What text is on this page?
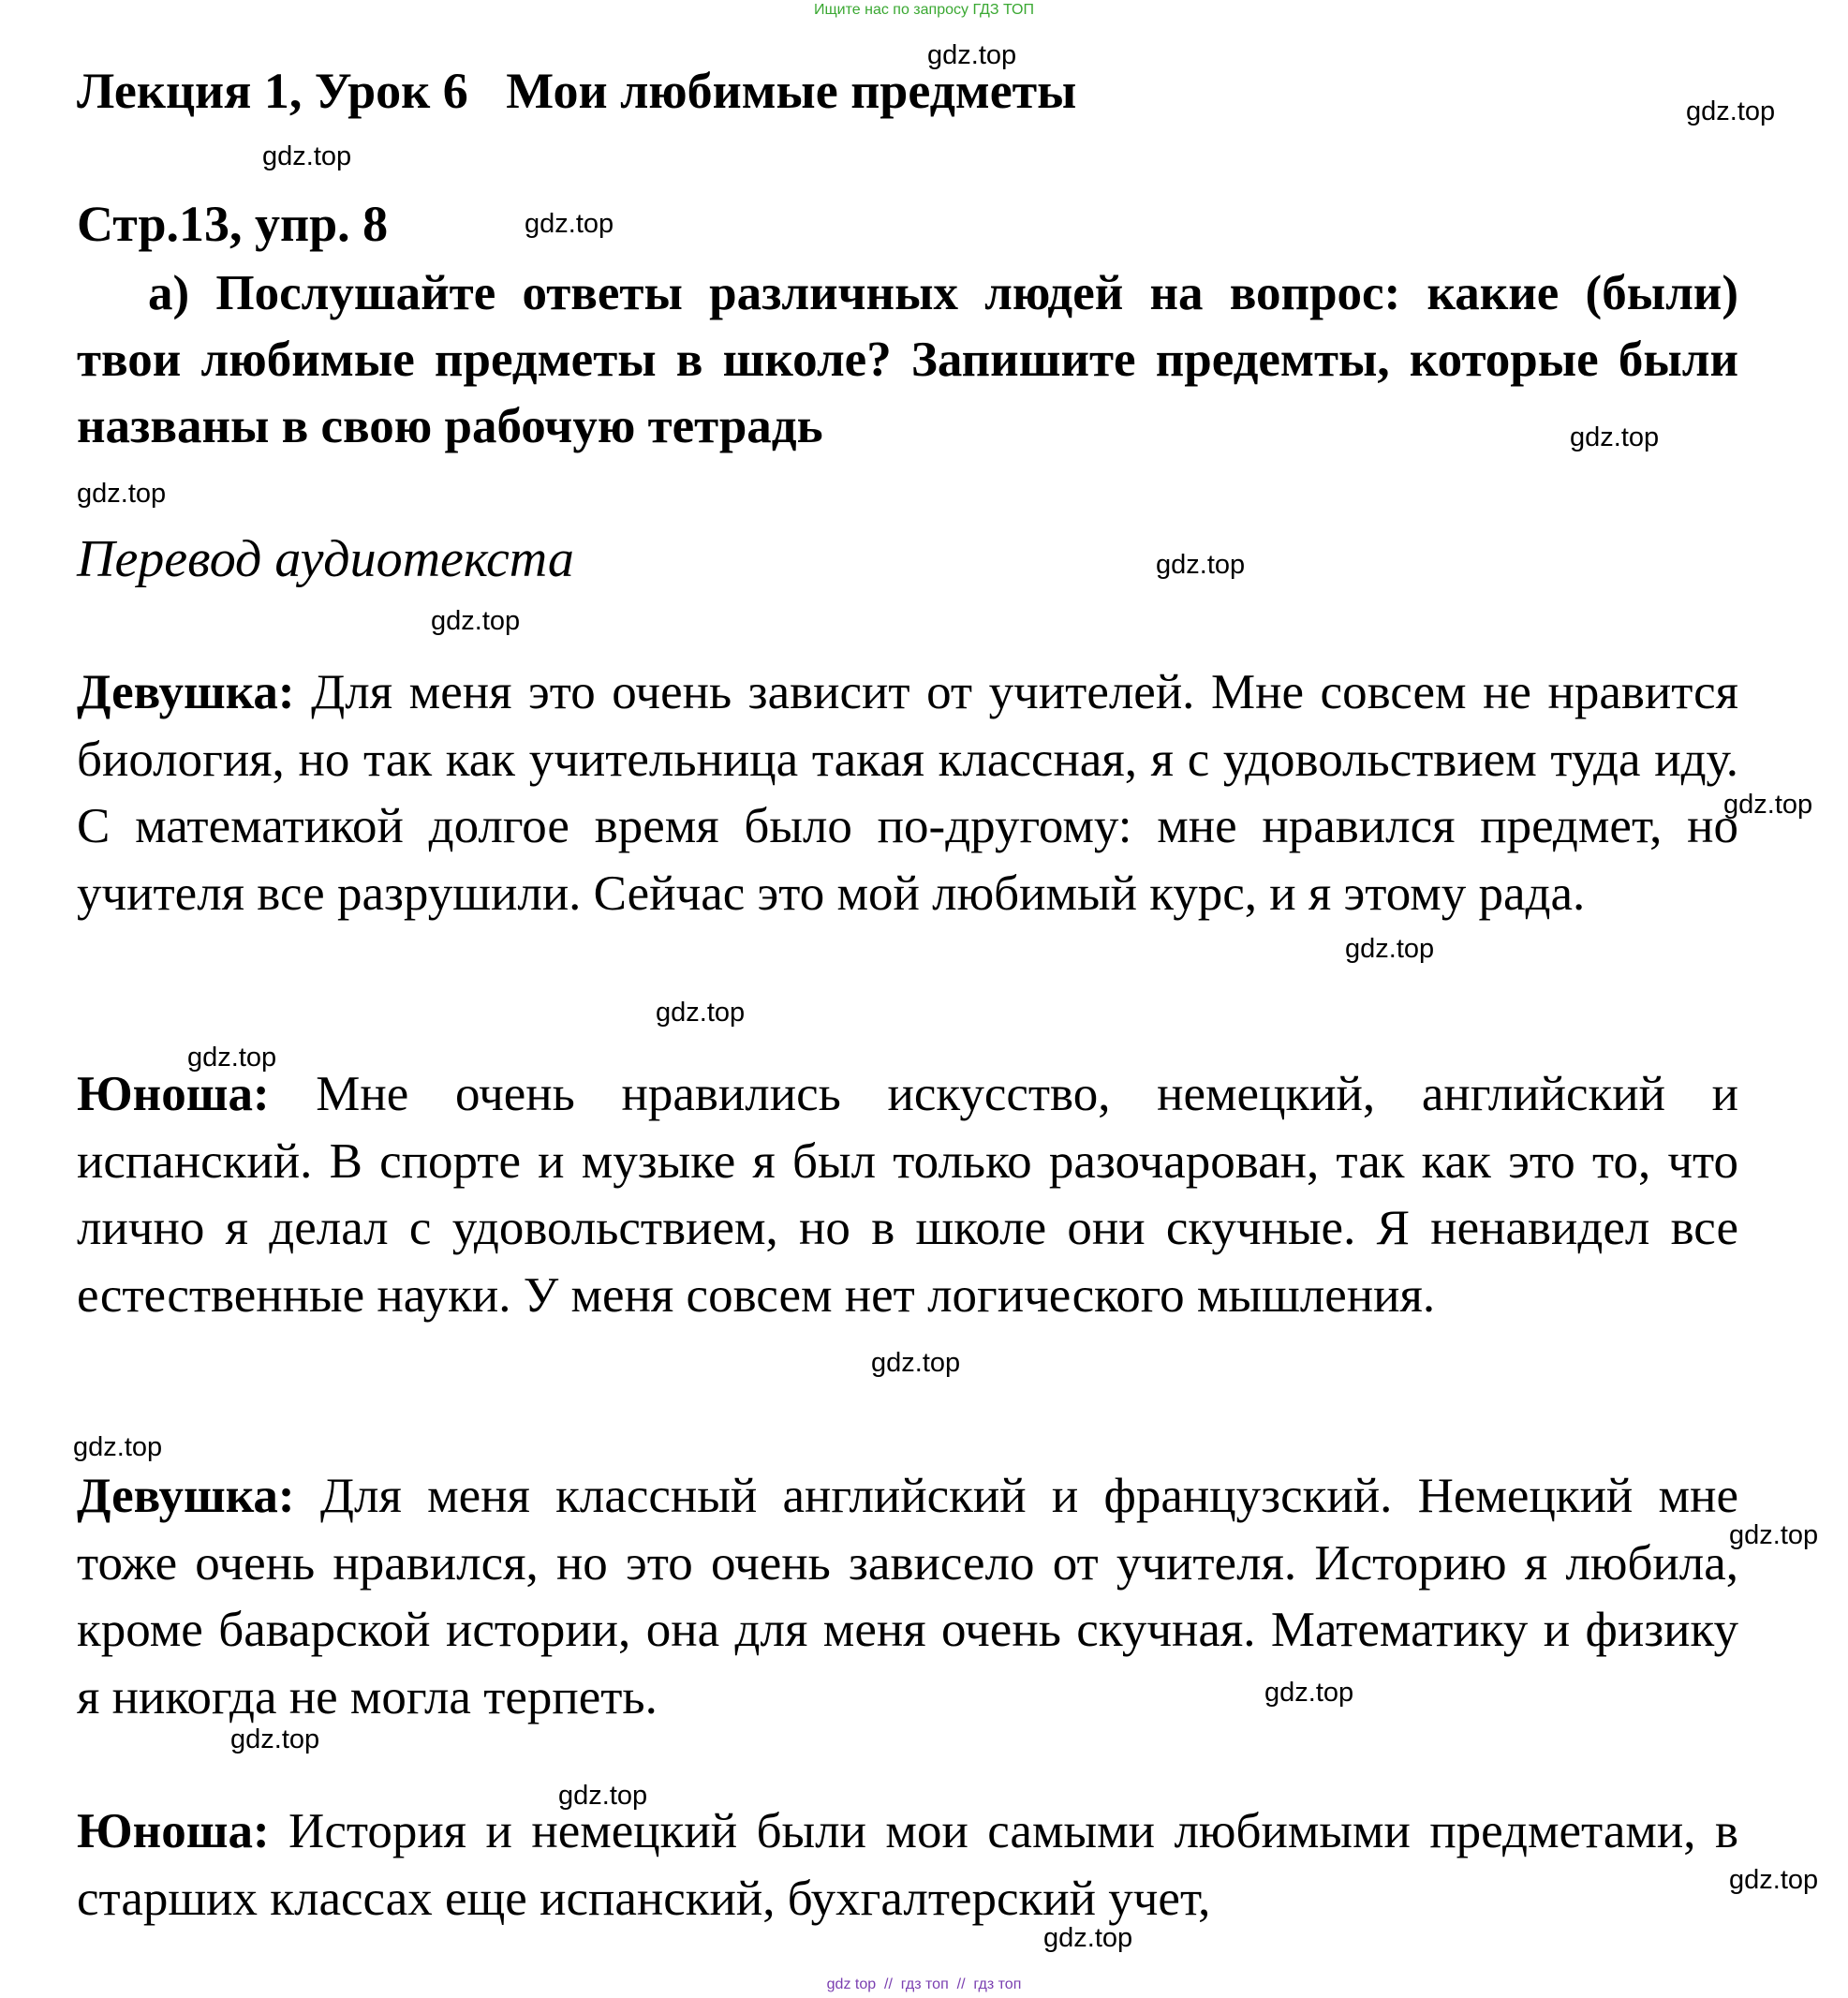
Ищите нас по запросу ГДЗ ТОП
Лекция 1, Урок 6   Мои любимые предметы
Стр.13, упр. 8
а) Послушайте ответы различных людей на вопрос: какие (были) твои любимые предметы в школе? Запишите предемты, которые были названы в свою рабочую тетрадь
Перевод аудиотекста
Девушка: Для меня это очень зависит от учителей. Мне совсем не нравится биология, но так как учительница такая классная, я с удовольствием туда иду. С математикой долгое время было по-другому: мне нравился предмет, но учителя все разрушили. Сейчас это мой любимый курс, и я этому рада.
Юноша: Мне очень нравились искусство, немецкий, английский и испанский. В спорте и музыке я был только разочарован, так как это то, что лично я делал с удовольствием, но в школе они скучные. Я ненавидел все естественные науки. У меня совсем нет логического мышления.
Девушка: Для меня классный английский и французский. Немецкий мне тоже очень нравился, но это очень зависело от учителя. Историю я любила, кроме баварской истории, она для меня очень скучная. Математику и физику я никогда не могла терпеть.
Юноша: История и немецкий были мои самыми любимыми предметами, в старших классах еще испанский, бухгалтерский учет,
gdz.top
gdz.top
gdz.top
gdz.top
gdz.top
gdz.top
gdz.top
gdz.top
gdz.top
gdz.top
gdz.top
gdz.top
gdz.top
gdz.top
gdz.top
gdz.top
gdz.top
gdz.top
gdz.top
gdz.top
gdz top  //  гдз топ  //  гдз топ
